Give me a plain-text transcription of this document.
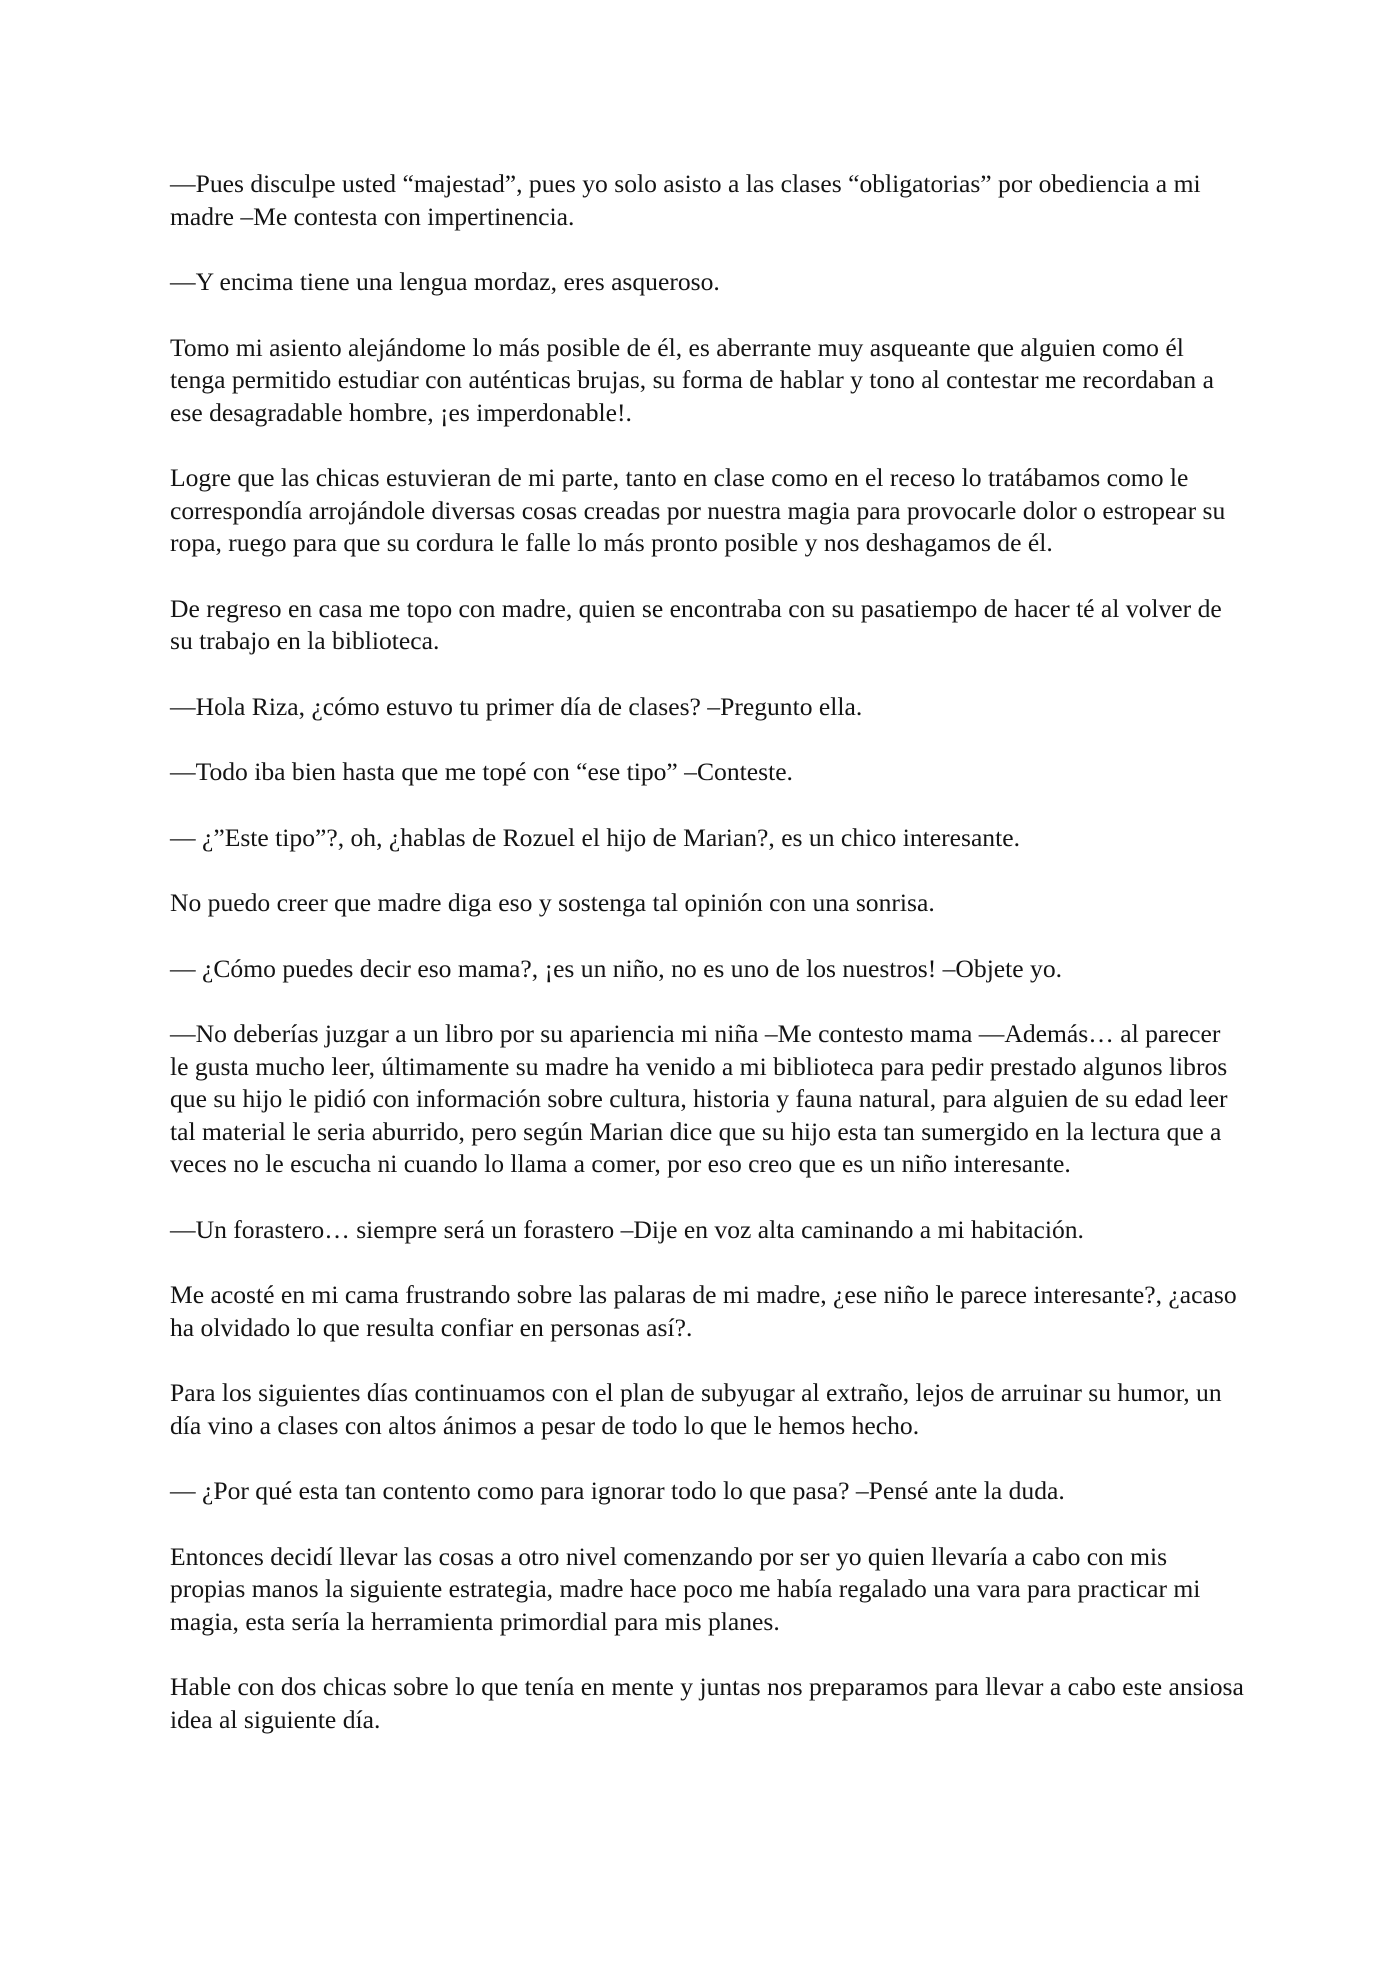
—Pues disculpe usted “majestad”, pues yo solo asisto a las clases “obligatorias” por obediencia a mi madre –Me contesta con impertinencia.

—Y encima tiene una lengua mordaz, eres asqueroso.

Tomo mi asiento alejándome lo más posible de él, es aberrante muy asqueante que alguien como él tenga permitido estudiar con auténticas brujas, su forma de hablar y tono al contestar me recordaban a ese desagradable hombre, ¡es imperdonable!.

Logre que las chicas estuvieran de mi parte, tanto en clase como en el receso lo tratábamos como le correspondía arrojándole diversas cosas creadas por nuestra magia para provocarle dolor o estropear su ropa, ruego para que su cordura le falle lo más pronto posible y nos deshagamos de él.

De regreso en casa me topo con madre, quien se encontraba con su pasatiempo de hacer té al volver de su trabajo en la biblioteca.

—Hola Riza, ¿cómo estuvo tu primer día de clases? –Pregunto ella.

—Todo iba bien hasta que me topé con “ese tipo” –Conteste.

— ¿”Este tipo”?, oh, ¿hablas de Rozuel el hijo de Marian?, es un chico interesante.

No puedo creer que madre diga eso y sostenga tal opinión con una sonrisa.

— ¿Cómo puedes decir eso mama?, ¡es un niño, no es uno de los nuestros! –Objete yo.

—No deberías juzgar a un libro por su apariencia mi niña –Me contesto mama —Además… al parecer le gusta mucho leer, últimamente su madre ha venido a mi biblioteca para pedir prestado algunos libros que su hijo le pidió con información sobre cultura, historia y fauna natural, para alguien de su edad leer tal material le seria aburrido, pero según Marian dice que su hijo esta tan sumergido en la lectura que a veces no le escucha ni cuando lo llama a comer, por eso creo que es un niño interesante.

—Un forastero… siempre será un forastero –Dije en voz alta caminando a mi habitación.

Me acosté en mi cama frustrando sobre las palaras de mi madre, ¿ese niño le parece interesante?, ¿acaso ha olvidado lo que resulta confiar en personas así?.

Para los siguientes días continuamos con el plan de subyugar al extraño, lejos de arruinar su humor, un día vino a clases con altos ánimos a pesar de todo lo que le hemos hecho.

— ¿Por qué esta tan contento como para ignorar todo lo que pasa? –Pensé ante la duda.

Entonces decidí llevar las cosas a otro nivel comenzando por ser yo quien llevaría a cabo con mis propias manos la siguiente estrategia, madre hace poco me había regalado una vara para practicar mi magia, esta sería la herramienta primordial para mis planes.

Hable con dos chicas sobre lo que tenía en mente y juntas nos preparamos para llevar a cabo este ansiosa idea al siguiente día.
